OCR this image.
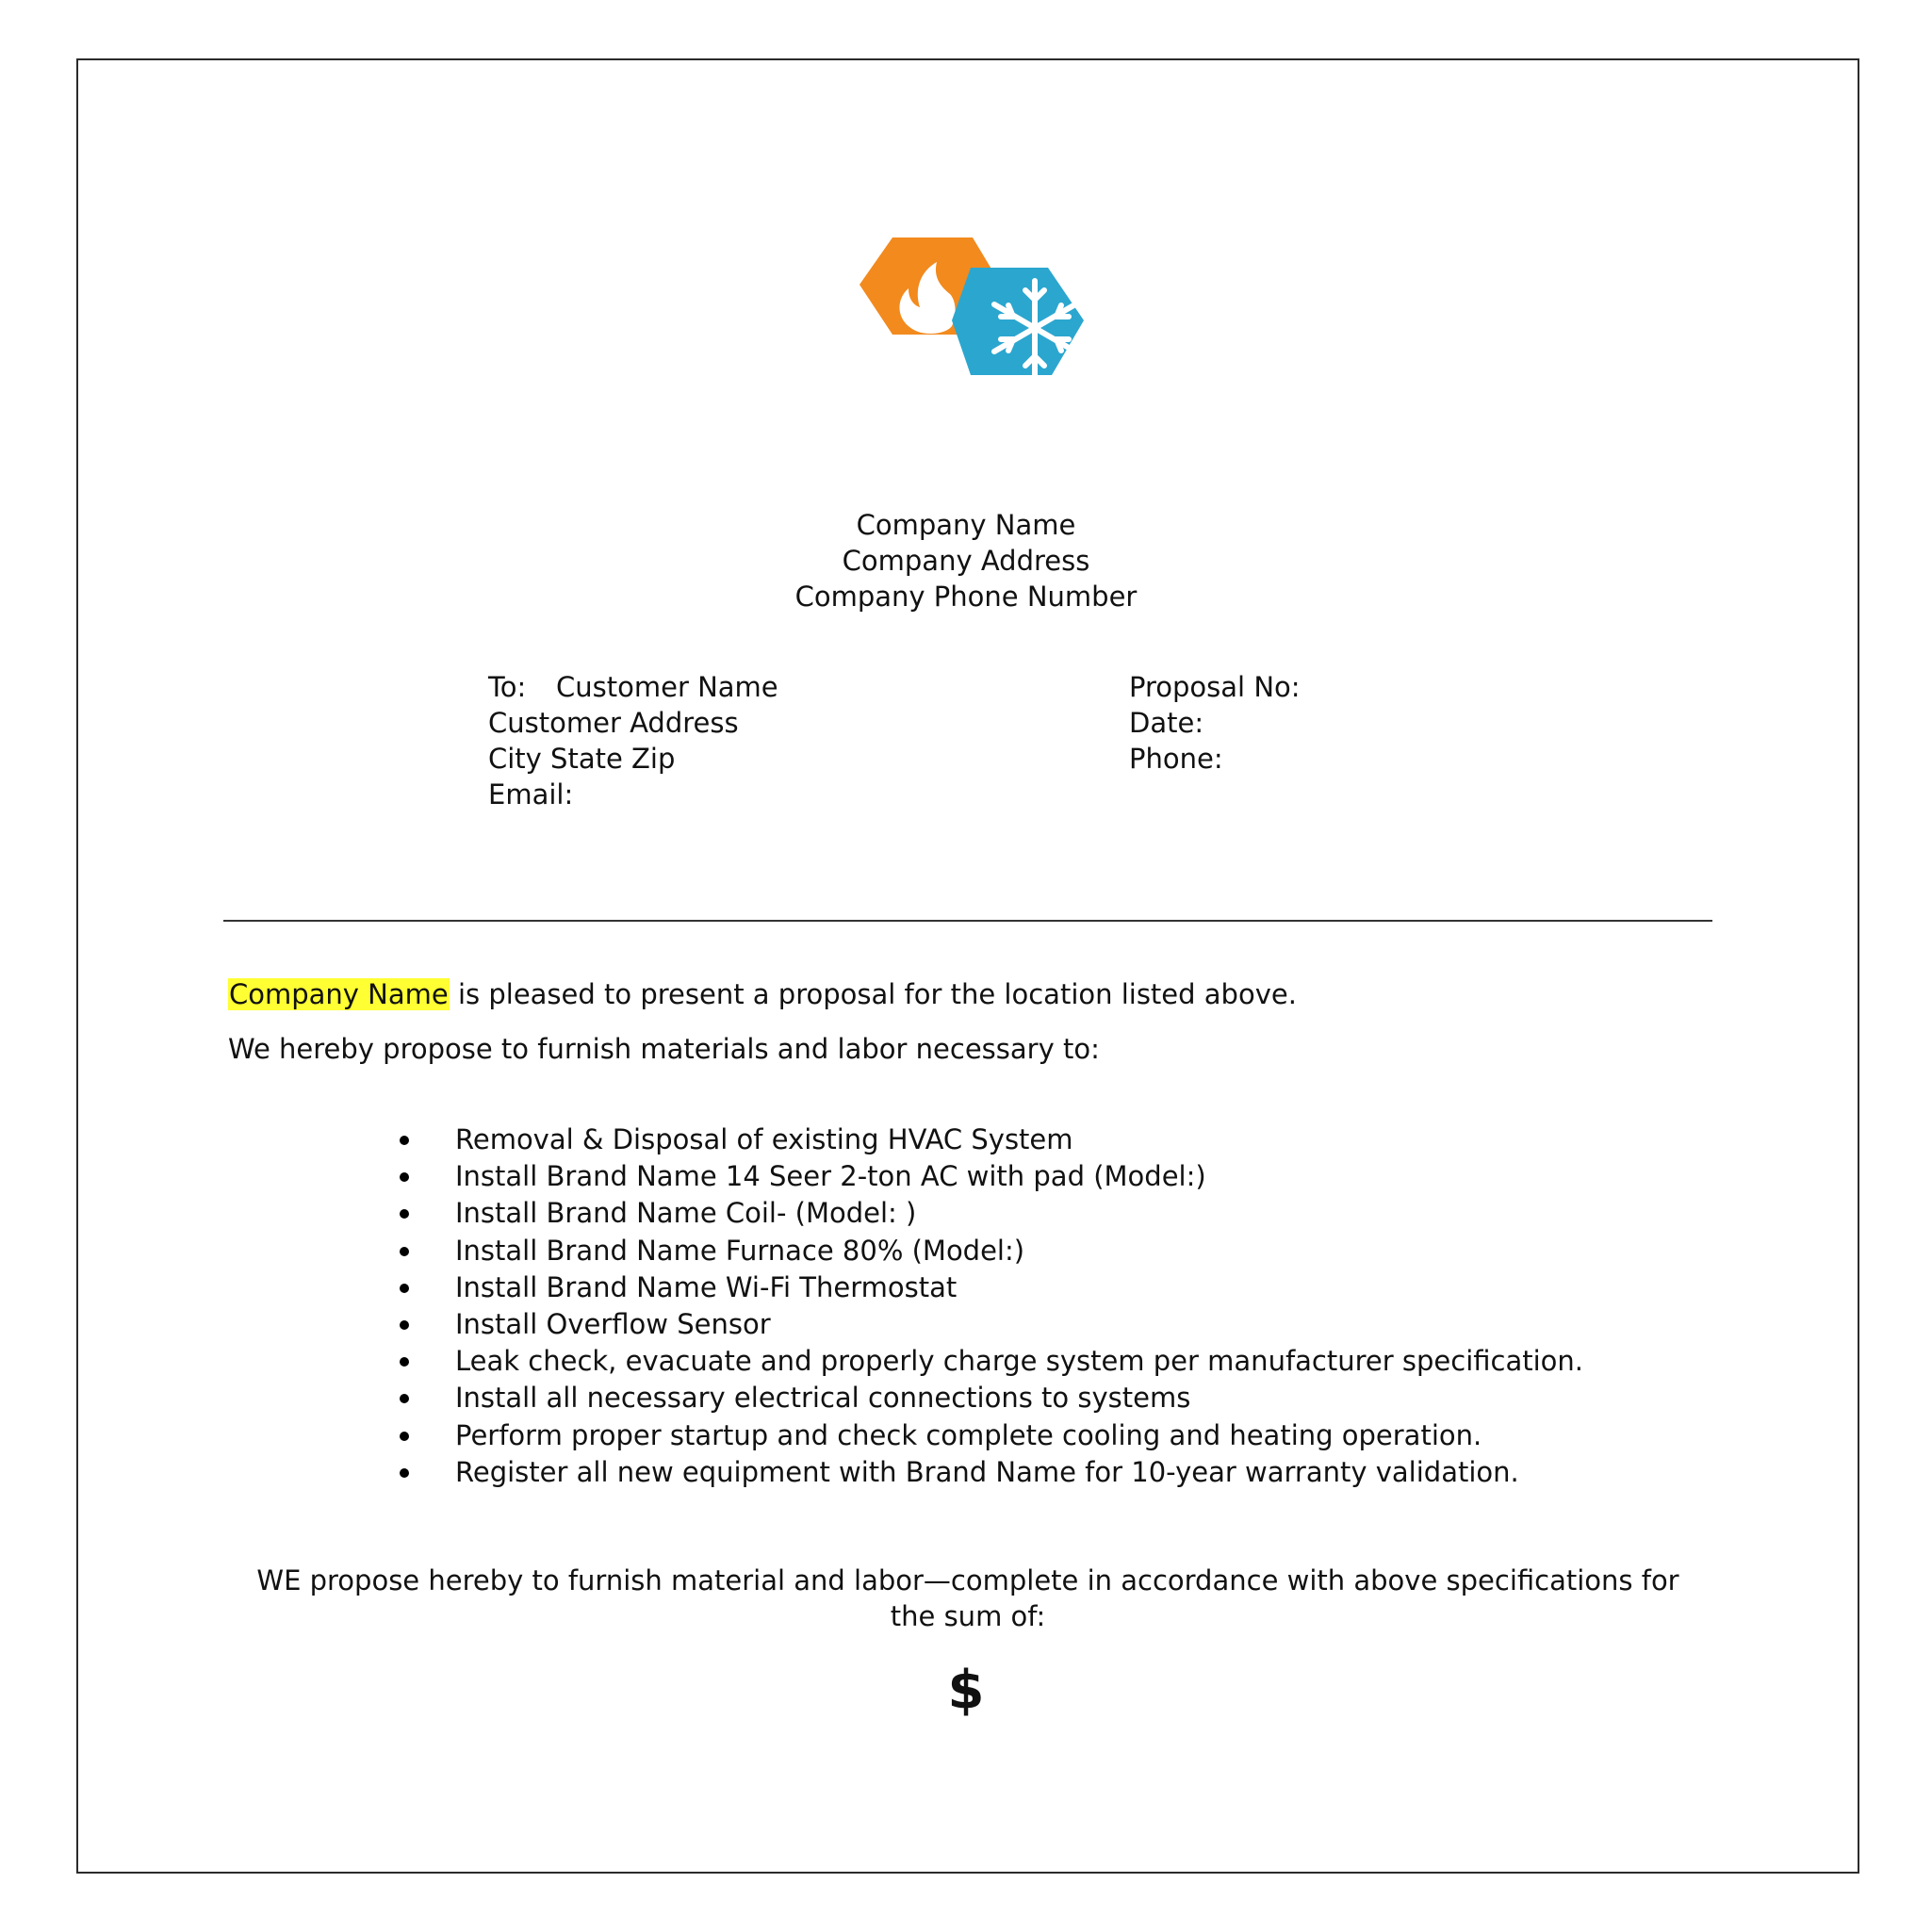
Company Name
Company Address
Company Phone Number
To: Customer Name
Customer Address
City State Zip
Email:
Proposal No:
Date:
Phone:
Company Name is pleased to present a proposal for the location listed above.
We hereby propose to furnish materials and labor necessary to:
Removal & Disposal of existing HVAC System
Install Brand Name 14 Seer 2-ton AC with pad (Model:)
Install Brand Name Coil- (Model: )
Install Brand Name Furnace 80% (Model:)
Install Brand Name Wi-Fi Thermostat
Install Overflow Sensor
Leak check, evacuate and properly charge system per manufacturer specification.
Install all necessary electrical connections to systems
Perform proper startup and check complete cooling and heating operation.
Register all new equipment with Brand Name for 10-year warranty validation.
WE propose hereby to furnish material and labor—complete in accordance with above specifications for
the sum of:
$
